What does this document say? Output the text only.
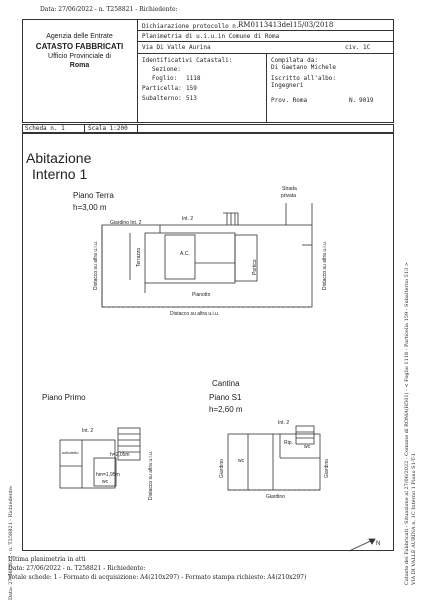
Data: 27/06/2022 - n. T258821 - Richiedente:
Data: 27/06/2022 - n. T258821 - Richiedente:	Catasto dei Fabbricati - Situazione al 27/06/2022 - Comune di ROMA(H501) - < Foglio 1118 - Particella 159 - Subalterno 513 > VIA DI VALLE AURINA n. 1C Interno 1 Piano S1-T-1
Agenzia delle Entrate
CATASTO FABBRICATI
Ufficio Provinciale di
Roma
Dichiarazione protocollo n.
RM0113413del 15/03/2018
Planimetria di u.i.u.in Comune di Roma
Via Di Valle Aurina	civ. 1C
Identificativi Catastali:
Sezione:
Foglio: 1118
Particella: 159
Subalterno: 513
Compilata da:
Di Gaetano Michele
Iscritto all'albo:
Ingegneri
Prov. Roma	N. 9019
Scheda n. 1	Scala 1:200
Abitazione
Interno 1
Piano Terra
h=3,00 m
Giardino Int. 2
Int. 2
Strada
privata
A.C.
Pianotto
Terrazzo
Portico
Distacco su altra u.i.u.	Distacco su altra u.i.u.
Distacco su altra u.i.u.
Piano Primo
Int. 2
sottotetto	h=2,05m
hm=1,95m
wc	Distacco su altra u.i.u.
Cantina
Piano S1
h=2,60 m
Int. 2
Rip.
wc
wc
Giardino	Giardino
Giardino
N
Ultima planimetria in atti
Data: 27/06/2022 - n. T258821 - Richiedente:
Totale schede: 1 - Formato di acquisizione: A4(210x297) - Formato stampa richiesto: A4(210x297)
